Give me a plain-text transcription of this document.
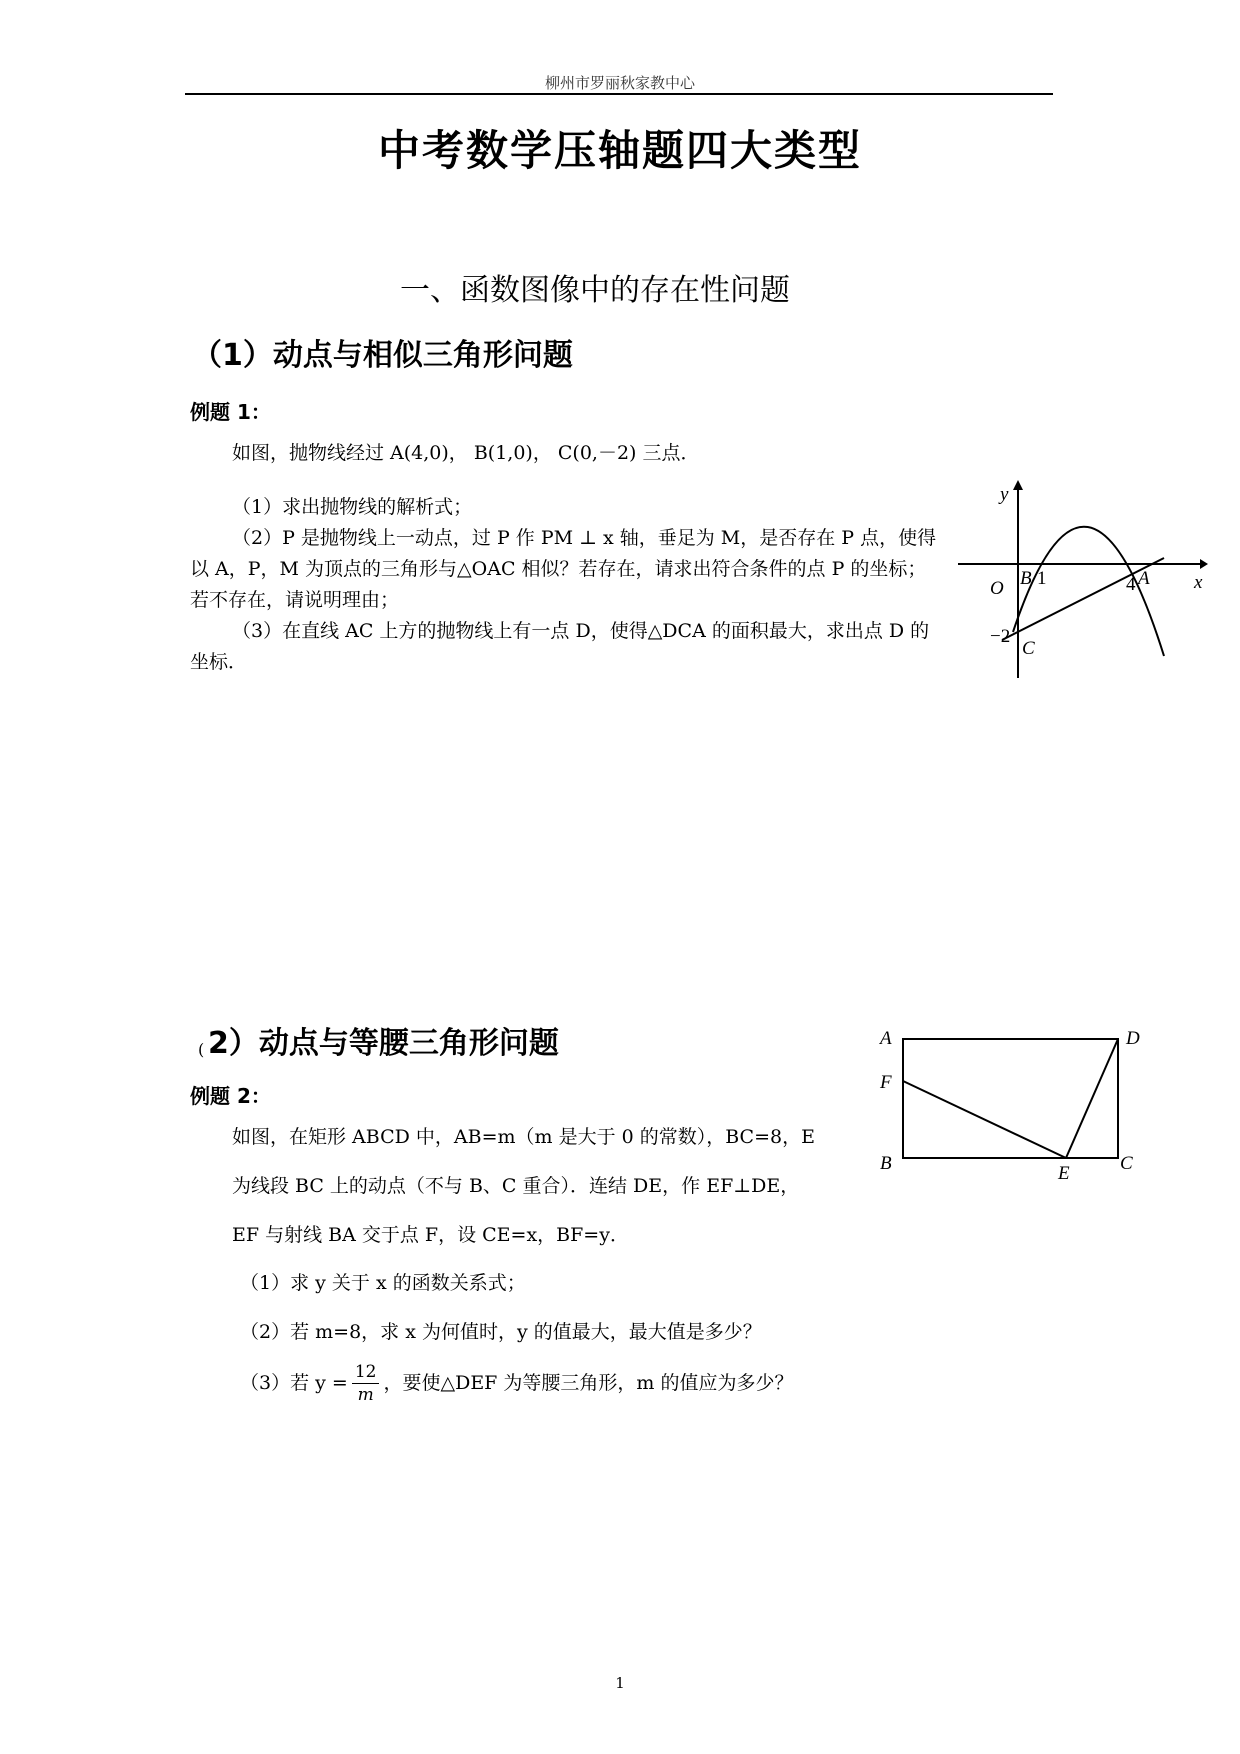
柳州市罗丽秋家教中心
中考数学压轴题四大类型
一、函数图像中的存在性问题
（1）动点与相似三角形问题
例题 1：
如图，抛物线经过 A(4,0)， B(1,0)， C(0,－2) 三点．
（1）求出抛物线的解析式；
（2）P 是抛物线上一动点，过 P 作 PM ⊥ x 轴，垂足为 M，是否存在 P 点，使得以 A，P，M 为顶点的三角形与△OAC 相似？若存在，请求出符合条件的点 P 的坐标；若不存在，请说明理由；
（3）在直线 AC 上方的抛物线上有一点 D，使得△DCA 的面积最大，求出点 D 的坐标．
y
x
O B 1	4 A
−2
C
( 2）动点与等腰三角形问题
例题 2：
如图，在矩形 ABCD 中，AB=m（m 是大于 0 的常数），BC=8，E
为线段 BC 上的动点（不与 B、C 重合）．连结 DE，作 EF⊥DE，
EF 与射线 BA 交于点 F，设 CE=x，BF=y．
（1）求 y 关于 x 的函数关系式；
（2）若 m=8，求 x 为何值时，y 的值最大，最大值是多少？
（3）若 $y = \frac{12}{m}$ ，要使△DEF 为等腰三角形，m 的值应为多少？
A	D
F
B	C
E
1
